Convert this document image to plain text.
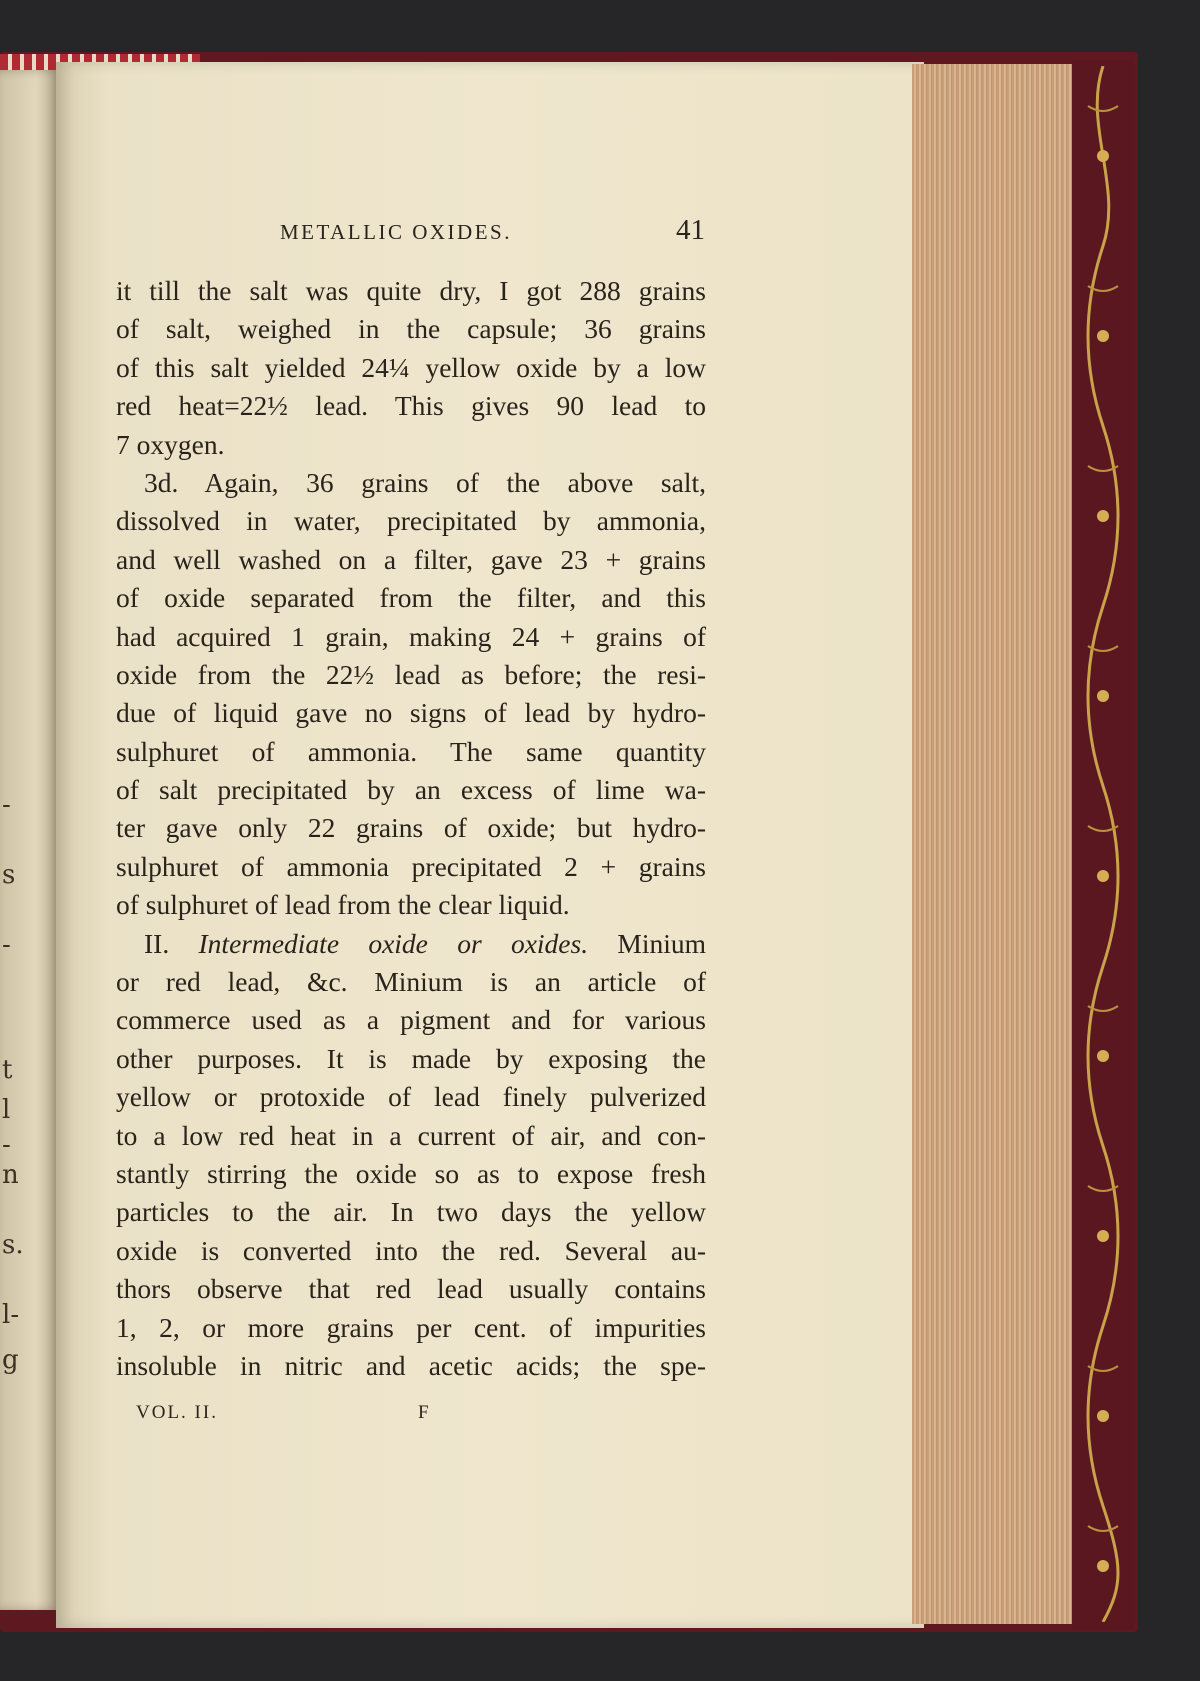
-
s
-
t
l
-
n
s.
l-
g
METALLIC OXIDES.	41
it till the salt was quite dry, I got 288 grains
of salt, weighed in the capsule; 36 grains
of this salt yielded 24¼ yellow oxide by a low
red heat=22½ lead. This gives 90 lead to
7 oxygen.
3d. Again, 36 grains of the above salt,
dissolved in water, precipitated by ammonia,
and well washed on a filter, gave 23 + grains
of oxide separated from the filter, and this
had acquired 1 grain, making 24 + grains of
oxide from the 22½ lead as before; the resi-
due of liquid gave no signs of lead by hydro-
sulphuret of ammonia. The same quantity
of salt precipitated by an excess of lime wa-
ter gave only 22 grains of oxide; but hydro-
sulphuret of ammonia precipitated 2 + grains
of sulphuret of lead from the clear liquid.
II. Intermediate oxide or oxides. Minium
or red lead, &c. Minium is an article of
commerce used as a pigment and for various
other purposes. It is made by exposing the
yellow or protoxide of lead finely pulverized
to a low red heat in a current of air, and con-
stantly stirring the oxide so as to expose fresh
particles to the air. In two days the yellow
oxide is converted into the red. Several au-
thors observe that red lead usually contains
1, 2, or more grains per cent. of impurities
insoluble in nitric and acetic acids; the spe-
VOL. II.	F
